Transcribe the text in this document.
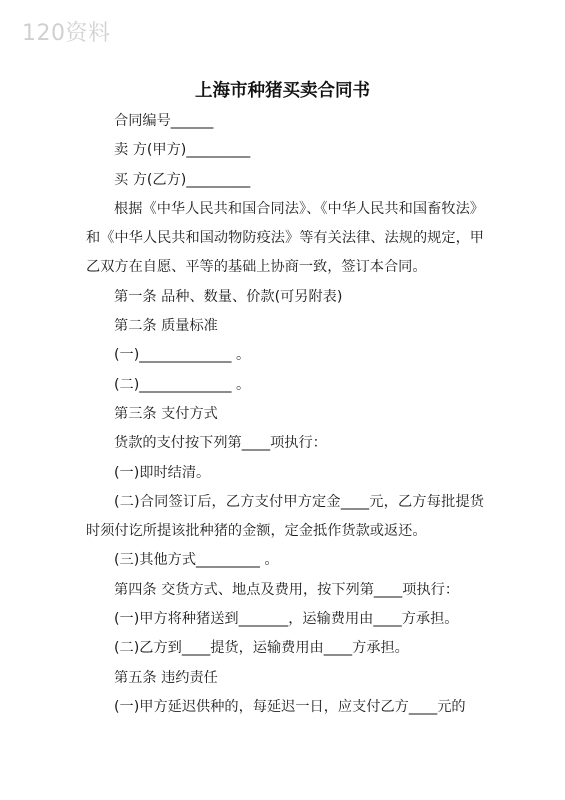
120资料
上海市种猪买卖合同书

合同编号______

卖 方(甲方)_________

买 方(乙方)_________

根据《中华人民共和国合同法》、《中华人民共和国畜牧法》和《中华人民共和国动物防疫法》等有关法律、法规的规定，甲乙双方在自愿、平等的基础上协商一致，签订本合同。

第一条 品种、数量、价款(可另附表)

第二条 质量标准

(一)_____________ 。

(二)_____________ 。

第三条 支付方式

货款的支付按下列第____项执行：

(一)即时结清。

(二)合同签订后，乙方支付甲方定金____元，乙方每批提货时须付讫所提该批种猪的金额，定金抵作货款或返还。

(三)其他方式_________ 。

第四条 交货方式、地点及费用，按下列第____项执行：

(一)甲方将种猪送到_______，运输费用由____方承担。

(二)乙方到____提货，运输费用由____方承担。

第五条 违约责任

(一)甲方延迟供种的，每延迟一日，应支付乙方____元的
